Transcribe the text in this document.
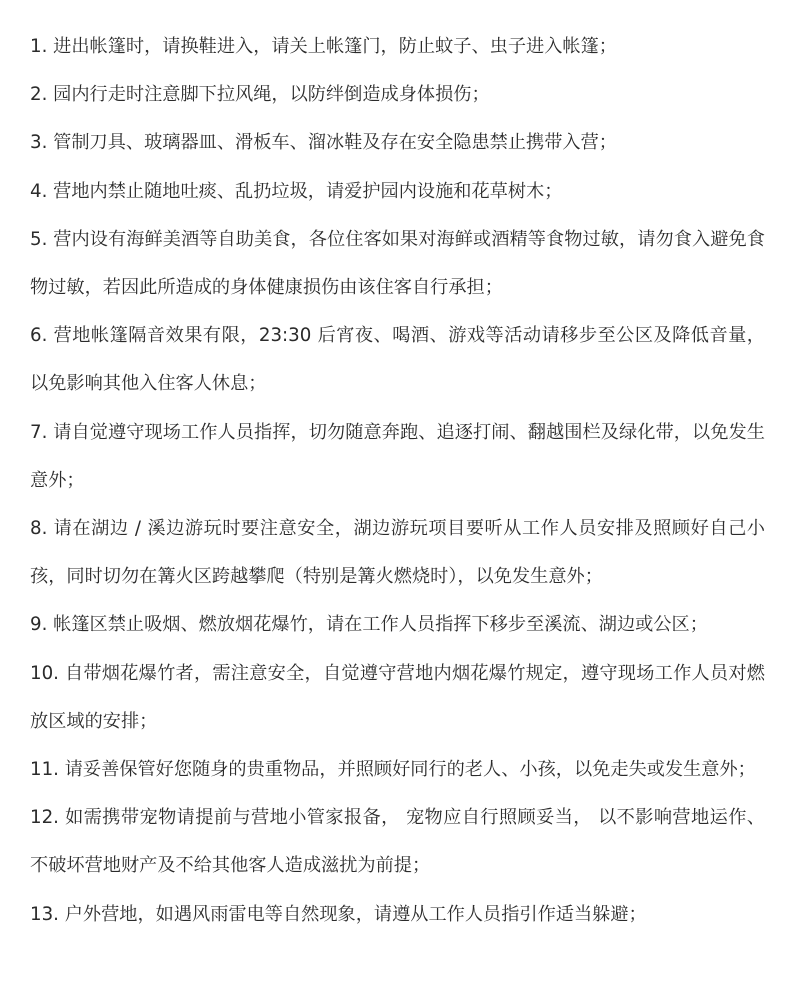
1. 进出帐篷时，请换鞋进入，请关上帐篷门，防止蚊子、虫子进入帐篷；

2. 园内行走时注意脚下拉风绳，以防绊倒造成身体损伤；

3. 管制刀具、玻璃器皿、滑板车、溜冰鞋及存在安全隐患禁止携带入营；

4. 营地内禁止随地吐痰、乱扔垃圾，请爱护园内设施和花草树木；

5. 营内设有海鲜美酒等自助美食，各位住客如果对海鲜或酒精等食物过敏，请勿食入避免食物过敏，若因此所造成的身体健康损伤由该住客自行承担；

6. 营地帐篷隔音效果有限，23:30 后宵夜、喝酒、游戏等活动请移步至公区及降低音量，以免影响其他入住客人休息；

7. 请自觉遵守现场工作人员指挥，切勿随意奔跑、追逐打闹、翻越围栏及绿化带，以免发生意外；

8. 请在湖边 / 溪边游玩时要注意安全，湖边游玩项目要听从工作人员安排及照顾好自己小孩，同时切勿在篝火区跨越攀爬（特别是篝火燃烧时），以免发生意外；

9. 帐篷区禁止吸烟、燃放烟花爆竹，请在工作人员指挥下移步至溪流、湖边或公区；

10. 自带烟花爆竹者，需注意安全，自觉遵守营地内烟花爆竹规定，遵守现场工作人员对燃放区域的安排；

11. 请妥善保管好您随身的贵重物品，并照顾好同行的老人、小孩，以免走失或发生意外；

12. 如需携带宠物请提前与营地小管家报备， 宠物应自行照顾妥当， 以不影响营地运作、不破坏营地财产及不给其他客人造成滋扰为前提；

13. 户外营地，如遇风雨雷电等自然现象，请遵从工作人员指引作适当躲避；
